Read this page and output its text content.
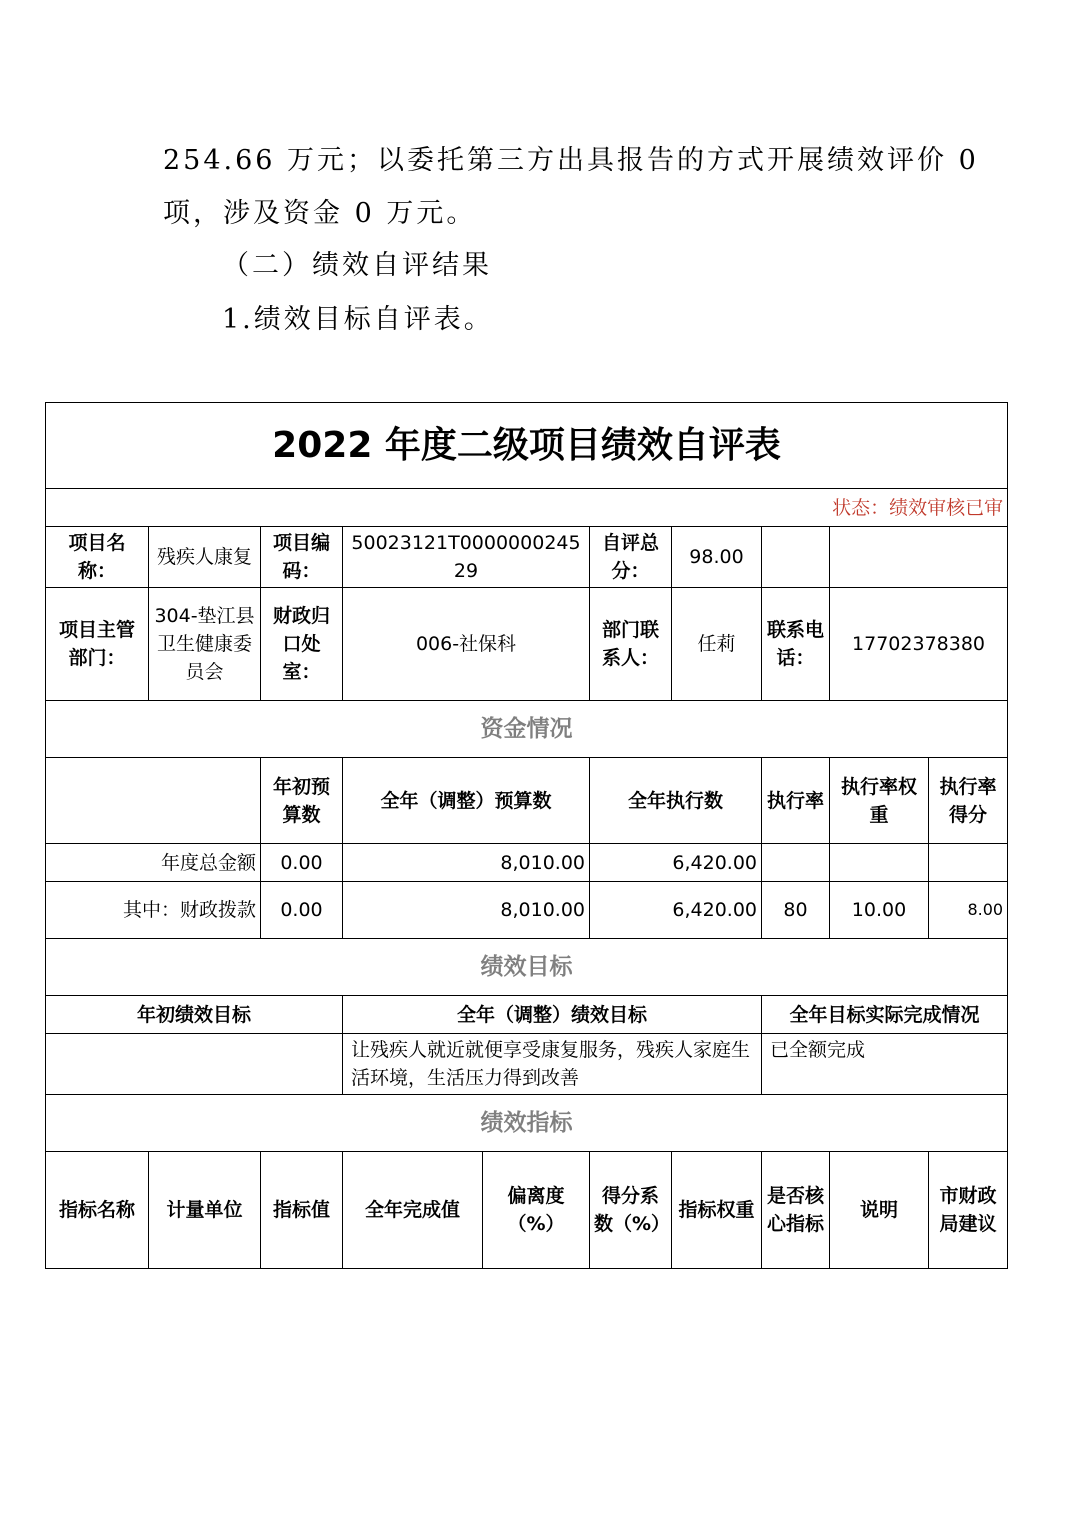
254.66 万元；以委托第三方出具报告的方式开展绩效评价 0
项，涉及资金 0 万元。
（二）绩效自评结果
1.绩效目标自评表。
2022 年度二级项目绩效自评表									
状态：绩效审核已审									
项目名称：	残疾人康复	项目编码：	50023121T000000024529		自评总分：	98.00			
项目主管部门：	304-垫江县卫生健康委员会	财政归口处室：	006-社保科		部门联系人：	任莉	联系电话：	17702378380	
资金情况									
		年初预算数	全年（调整）预算数		全年执行数		执行率	执行率权重	执行率得分
年度总金额		0.00	8,010.00		6,420.00				
其中：财政拨款		0.00	8,010.00		6,420.00		80	10.00	8.00
绩效目标									
年初绩效目标			全年（调整）绩效目标				全年目标实际完成情况		
			让残疾人就近就便享受康复服务，残疾人家庭生活环境，生活压力得到改善				已全额完成		
绩效指标									
指标名称	计量单位	指标值	全年完成值	偏离度（%）	得分系数（%）	指标权重	是否核心指标	说明	市财政局建议
